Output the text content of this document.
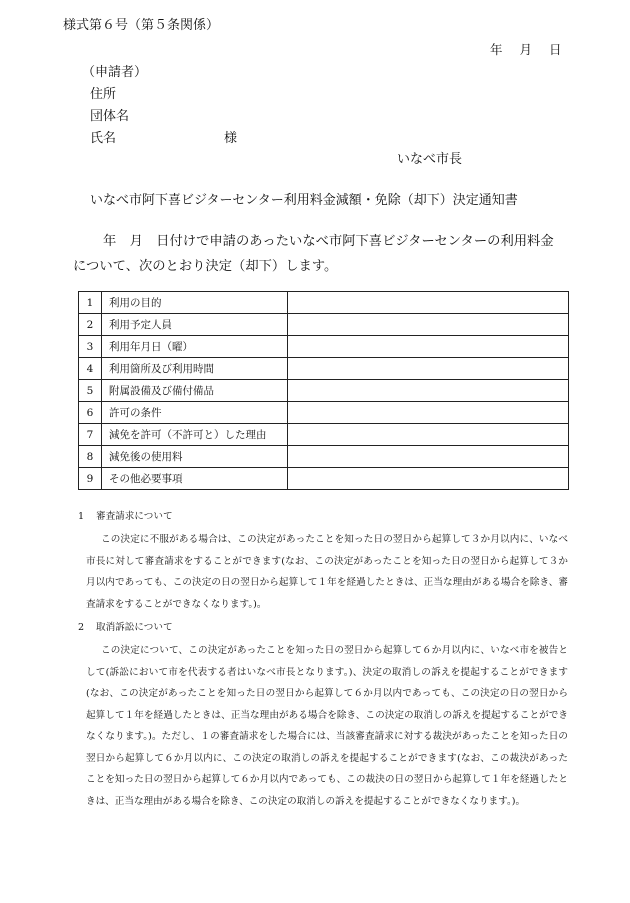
様式第６号（第５条関係）
年 月 日
（申請者）
住所
団体名
氏名	様
いなべ市長
いなべ市阿下喜ビジターセンター利用料金減額・免除（却下）決定通知書

年　月　日付けで申請のあったいなべ市阿下喜ビジターセンターの利用料金

について、次のとおり決定（却下）します。

1	利用の目的	
2	利用予定人員	
3	利用年月日（曜）	
4	利用箇所及び利用時間	
5	附属設備及び備付備品	
6	許可の条件	
7	減免を許可（不許可と）した理由	
8	減免後の使用料	
9	その他必要事項	
1 審査請求について

この決定に不服がある場合は、この決定があったことを知った日の翌日から起算して３か月以内に、いなべ市長に対して審査請求をすることができます(なお、この決定があったことを知った日の翌日から起算して３か月以内であっても、この決定の日の翌日から起算して１年を経過したときは、正当な理由がある場合を除き、審査請求をすることができなくなります。)。

2 取消訴訟について

この決定について、この決定があったことを知った日の翌日から起算して６か月以内に、いなべ市を被告として(訴訟において市を代表する者はいなべ市長となります。)、決定の取消しの訴えを提起することができます(なお、この決定があったことを知った日の翌日から起算して６か月以内であっても、この決定の日の翌日から起算して１年を経過したときは、正当な理由がある場合を除き、この決定の取消しの訴えを提起することができなくなります。)。ただし、１の審査請求をした場合には、当該審査請求に対する裁決があったことを知った日の翌日から起算して６か月以内に、この決定の取消しの訴えを提起することができます(なお、この裁決があったことを知った日の翌日から起算して６か月以内であっても、この裁決の日の翌日から起算して１年を経過したときは、正当な理由がある場合を除き、この決定の取消しの訴えを提起することができなくなります。)。
